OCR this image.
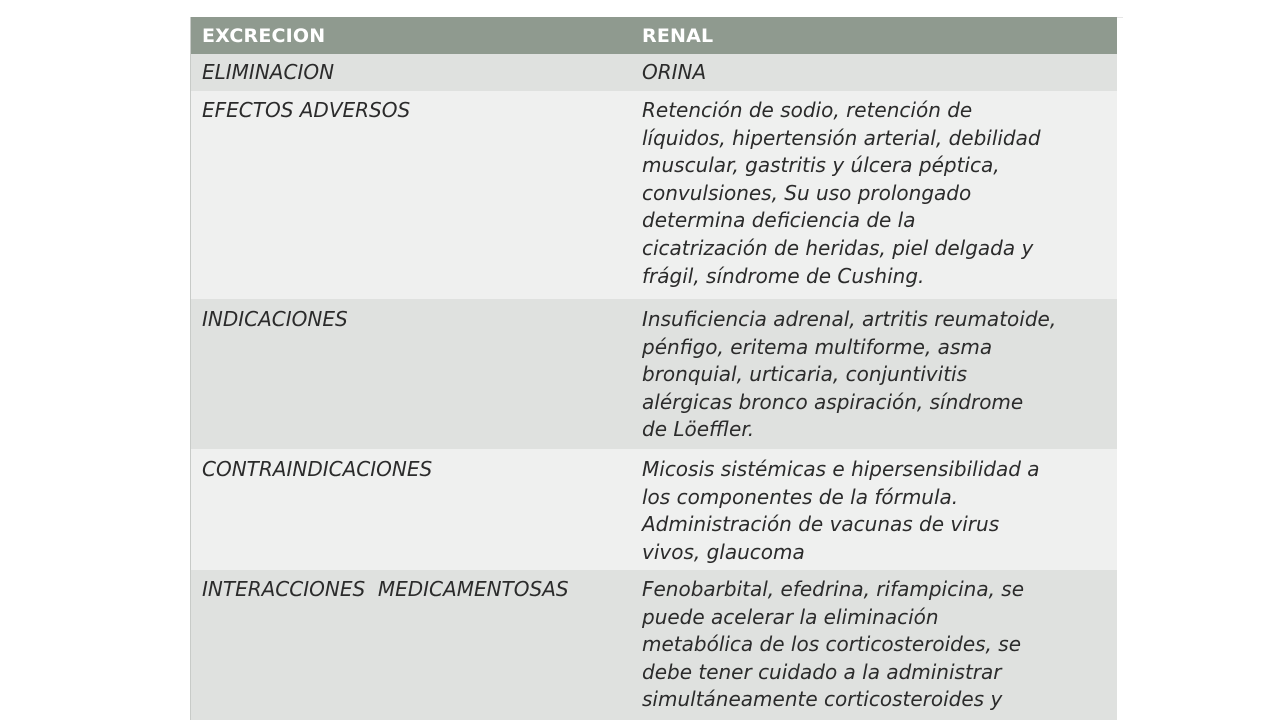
EXCRECION	RENAL
ELIMINACION	ORINA
EFECTOS ADVERSOS	Retención de sodio, retención de
líquidos, hipertensión arterial, debilidad
muscular, gastritis y úlcera péptica,
convulsiones, Su uso prolongado
determina deficiencia de la
cicatrización de heridas, piel delgada y
frágil, síndrome de Cushing.
INDICACIONES	Insuficiencia adrenal, artritis reumatoide,
pénfigo, eritema multiforme, asma
bronquial, urticaria, conjuntivitis
alérgicas bronco aspiración, síndrome
de Löeffler.
CONTRAINDICACIONES	Micosis sistémicas e hipersensibilidad a
los componentes de la fórmula.
Administración de vacunas de virus
vivos, glaucoma
INTERACCIONES  MEDICAMENTOSAS	Fenobarbital, efedrina, rifampicina, se
puede acelerar la eliminación
metabólica de los corticosteroides, se
debe tener cuidado a la administrar
simultáneamente corticosteroides y
